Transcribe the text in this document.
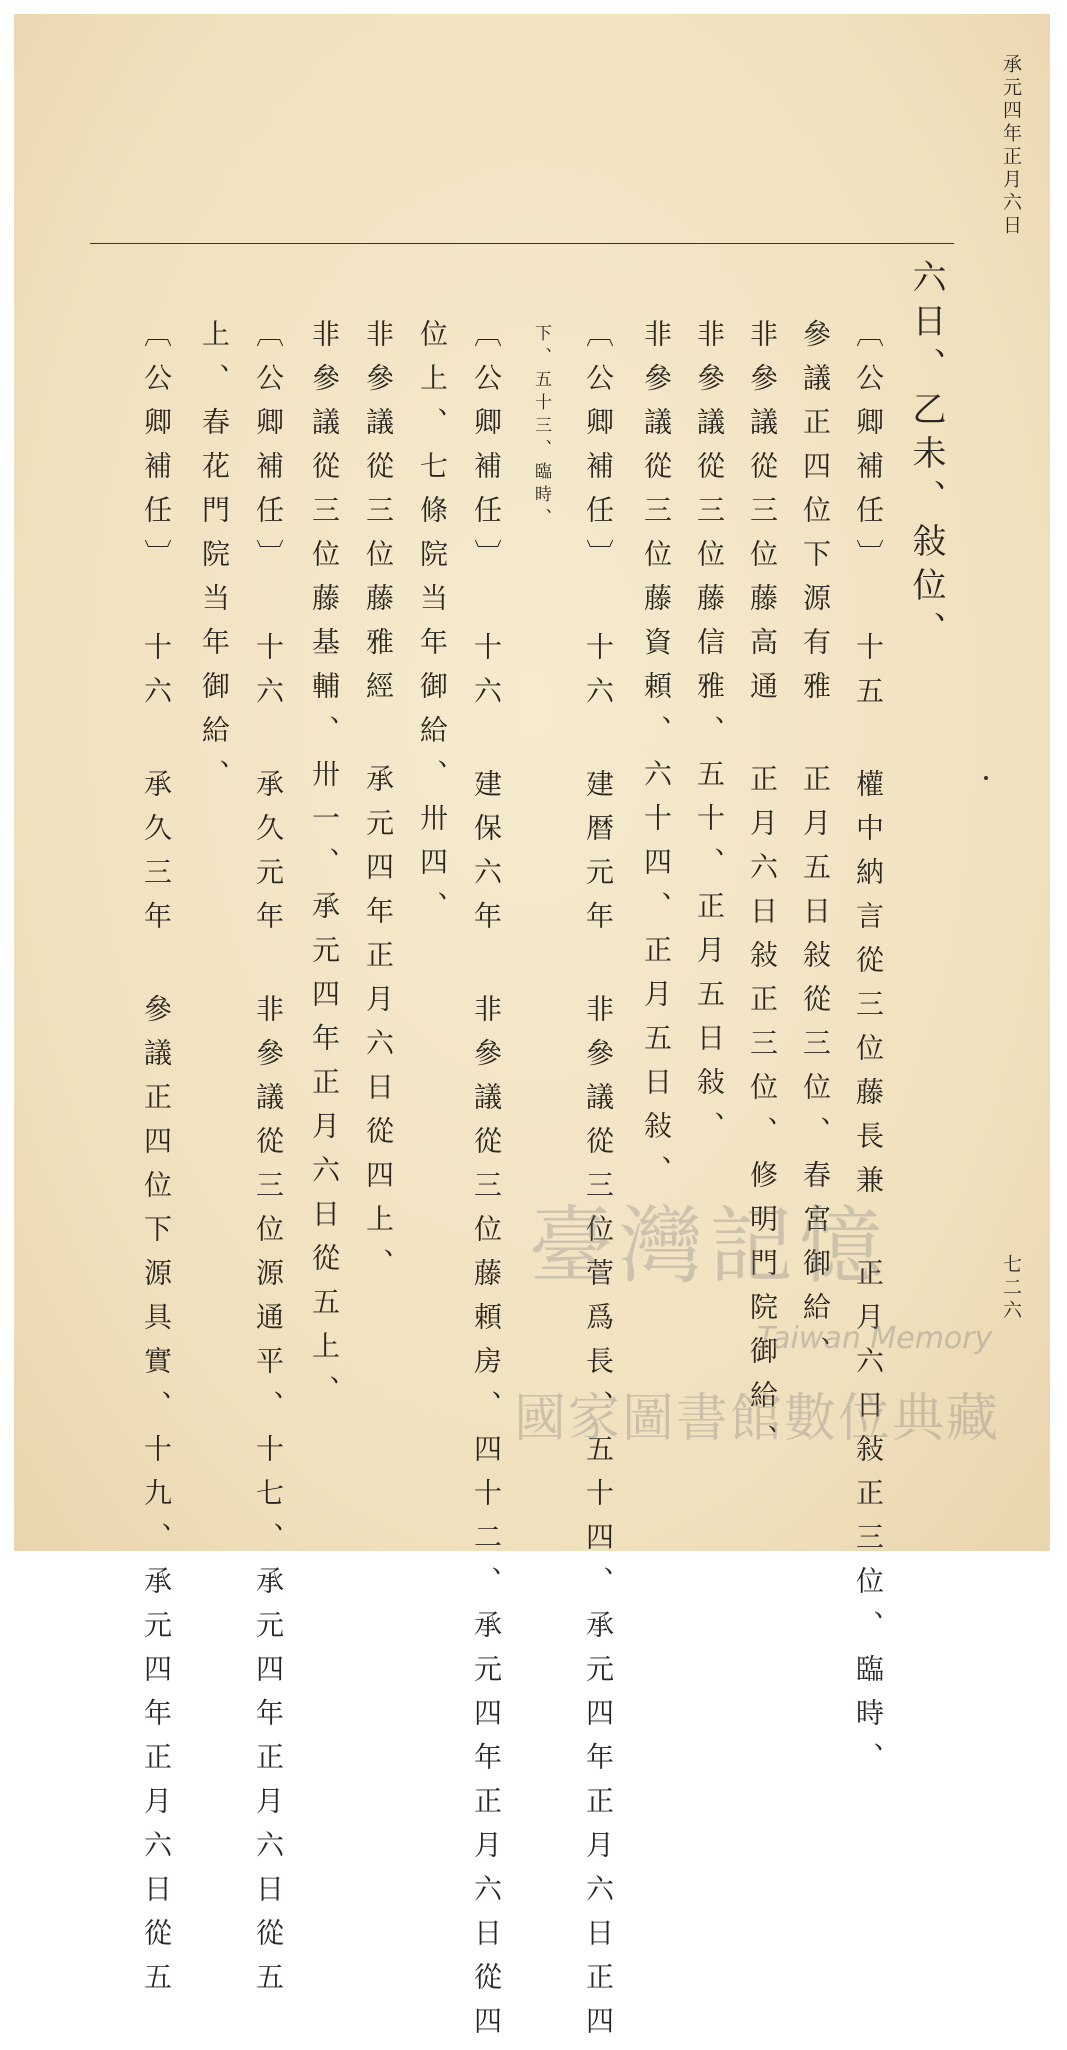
承元四年正月六日
七二六
六日、乙未、敍位、
〔公卿補任〕 十五 權中納言從三位藤長兼 正月六日敍正三位、臨時、
參議正四位下源有雅 正月五日敍從三位、春宮御給、
非參議從三位藤高通 正月六日敍正三位、修明門院御給、
非參議從三位藤信雅、五十、正月五日敍、
非參議從三位藤資頼、六十四、正月五日敍、
〔公卿補任〕 十六 建暦元年 非參議從三位菅爲長、五十四、承元四年正月六日正四
下、五十三、臨時、
〔公卿補任〕 十六 建保六年 非參議從三位藤頼房、四十二、承元四年正月六日從四
位上、七條院当年御給、卅四、
非參議從三位藤雅經 承元四年正月六日從四上、
非參議從三位藤基輔、卅一、承元四年正月六日從五上、
〔公卿補任〕 十六 承久元年 非參議從三位源通平、十七、承元四年正月六日從五
上、春花門院当年御給、
〔公卿補任〕 十六 承久三年 參議正四位下源具實、十九、承元四年正月六日從五	臺灣記憶
Taiwan Memory
國家圖書館數位典藏
